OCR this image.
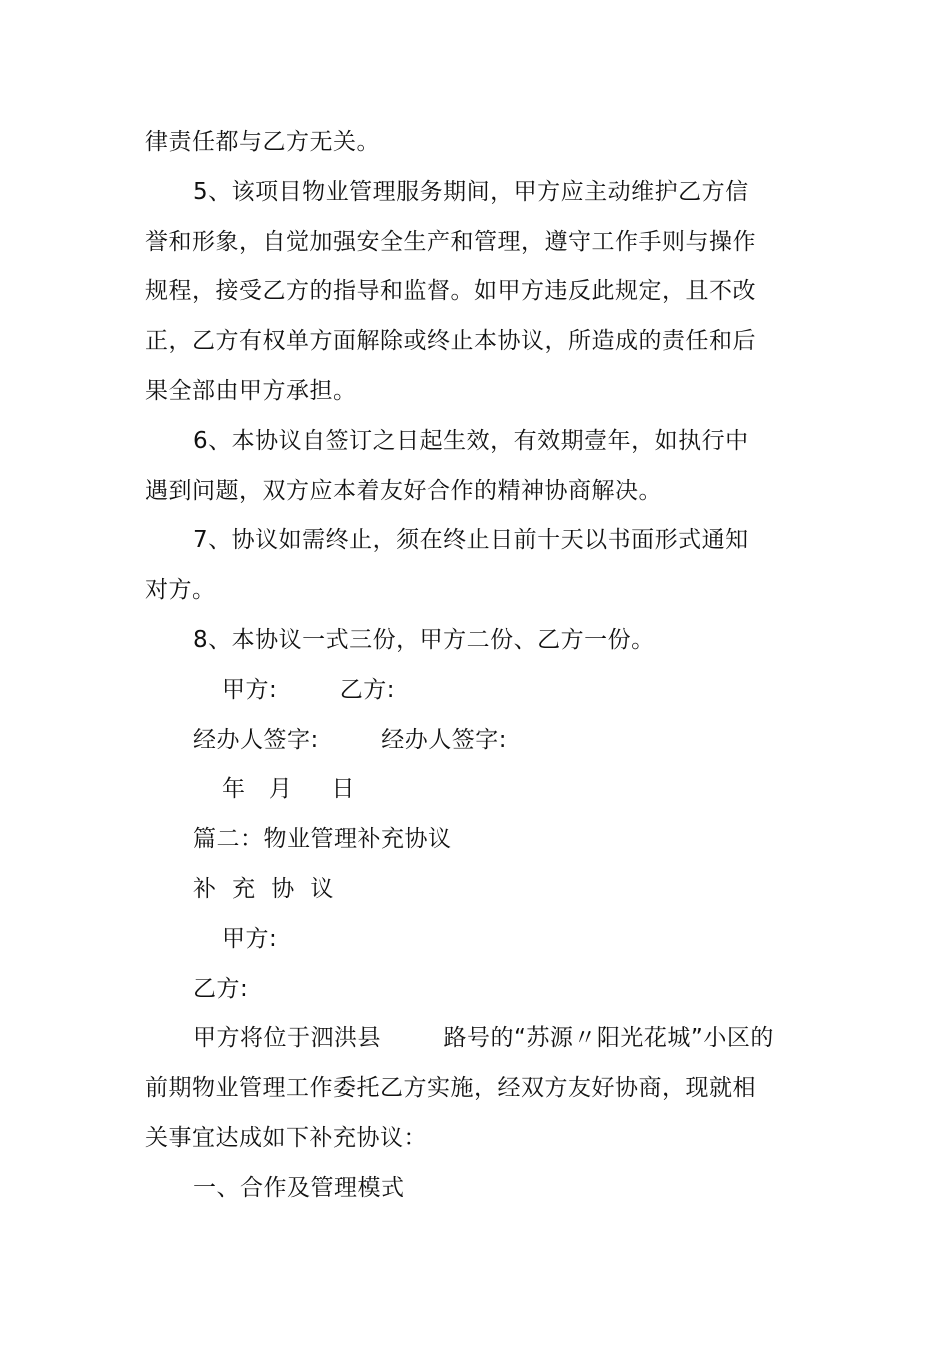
律责任都与乙方无关。
5、该项目物业管理服务期间，甲方应主动维护乙方信
誉和形象，自觉加强安全生产和管理，遵守工作手则与操作
规程，接受乙方的指导和监督。如甲方违反此规定，且不改
正，乙方有权单方面解除或终止本协议，所造成的责任和后
果全部由甲方承担。
6、本协议自签订之日起生效，有效期壹年，如执行中
遇到问题，双方应本着友好合作的精神协商解决。
7、协议如需终止，须在终止日前十天以书面形式通知
对方。
8、本协议一式三份，甲方二份、乙方一份。
甲方:        乙方:
经办人签字:        经办人签字:
年   月     日
篇二：物业管理补充协议
补  充  协  议
甲方:
乙方:
甲方将位于泗洪县        路号的“苏源〃阳光花城”小区的
前期物业管理工作委托乙方实施，经双方友好协商，现就相
关事宜达成如下补充协议：
一、合作及管理模式
